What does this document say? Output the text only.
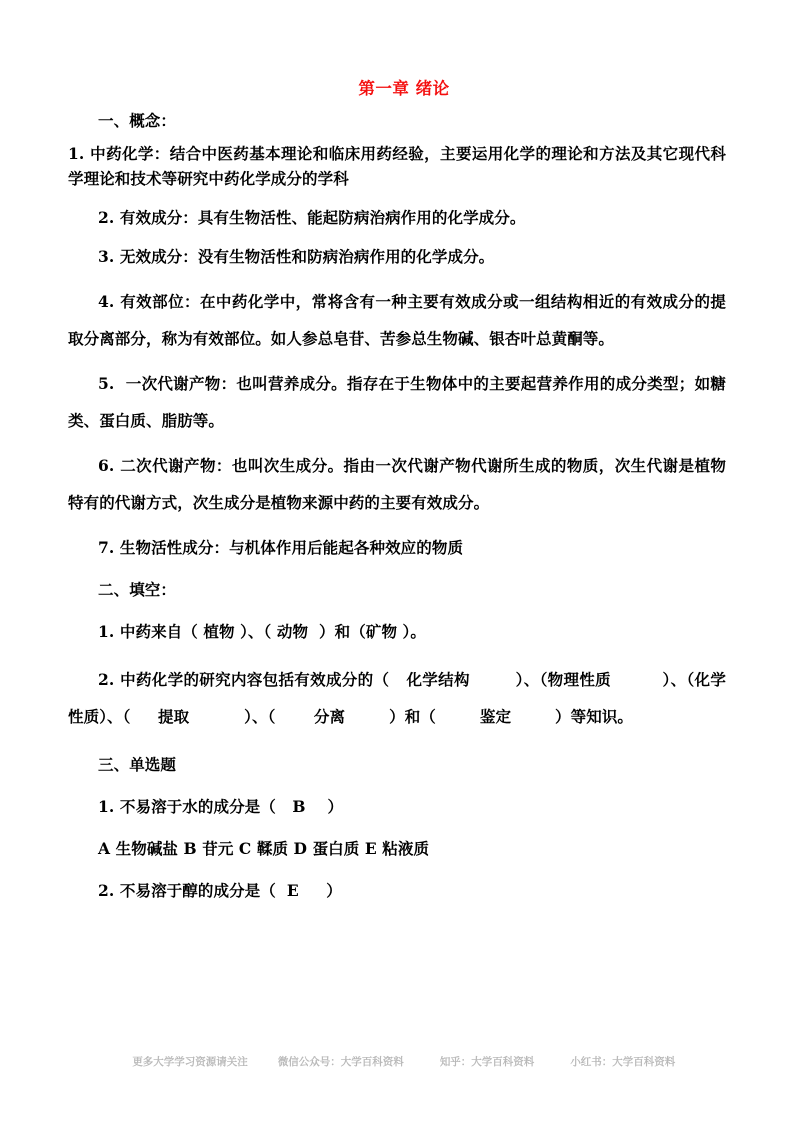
第一章 绪论

一、概念：

1. 中药化学：结合中医药基本理论和临床用药经验，主要运用化学的理论和方法及其它现代科学理论和技术等研究中药化学成分的学科

2. 有效成分：具有生物活性、能起防病治病作用的化学成分。

3. 无效成分：没有生物活性和防病治病作用的化学成分。

4. 有效部位：在中药化学中，常将含有一种主要有效成分或一组结构相近的有效成分的提取分离部分，称为有效部位。如人参总皂苷、苦参总生物碱、银杏叶总黄酮等。

5.  一次代谢产物：也叫营养成分。指存在于生物体中的主要起营养作用的成分类型；如糖类、蛋白质、脂肪等。

6. 二次代谢产物：也叫次生成分。指由一次代谢产物代谢所生成的物质，次生代谢是植物特有的代谢方式，次生成分是植物来源中药的主要有效成分。

7. 生物活性成分：与机体作用后能起各种效应的物质

二、填空：

1. 中药来自（ 植物 ）、（ 动物  ）和（矿物 ）。

2. 中药化学的研究内容包括有效成分的（   化学结构        ）、（物理性质         ）、（化学性质）、（     提取          ）、（       分离        ）和（        鉴定        ）等知识。

三、单选题

1. 不易溶于水的成分是（   B    ）

A 生物碱盐 B 苷元 C 鞣质 D 蛋白质 E 粘液质

2. 不易溶于醇的成分是（  E     ）

更多大学学习资源请关注	微信公众号：大学百科资料	知乎：大学百科资料	小红书：大学百科资料
